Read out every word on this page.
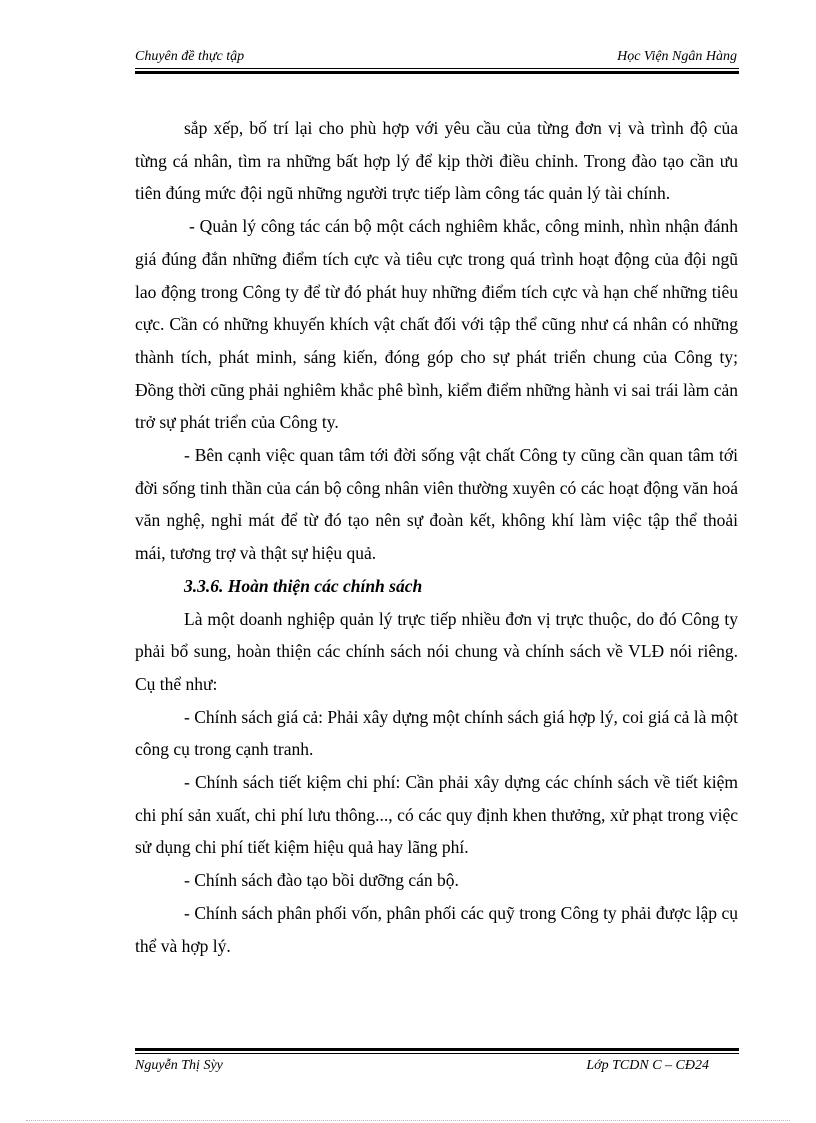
Chuyên đề thực tập	Học Viện Ngân Hàng

sắp xếp, bố trí lại cho phù hợp với yêu cầu của từng đơn vị và trình độ của từng cá nhân, tìm ra những bất hợp lý để kịp thời điều chỉnh. Trong đào tạo cần ưu tiên đúng mức đội ngũ những người trực tiếp làm công tác quản lý tài chính.

- Quản lý công tác cán bộ một cách nghiêm khắc, công minh, nhìn nhận đánh giá đúng đắn những điểm tích cực và tiêu cực trong quá trình hoạt động của đội ngũ lao động trong Công ty để từ đó phát huy những điểm tích cực và hạn chế những tiêu cực. Cần có những khuyến khích vật chất đối với tập thể cũng như cá nhân có những thành tích, phát minh, sáng kiến, đóng góp cho sự phát triển chung của Công ty; Đồng thời cũng phải nghiêm khắc phê bình, kiểm điểm những hành vi sai trái làm cản trở sự phát triển của Công ty.

- Bên cạnh việc quan tâm tới đời sống vật chất Công ty cũng cần quan tâm tới đời sống tinh thần của cán bộ công nhân viên thường xuyên có các hoạt động văn hoá văn nghệ, nghỉ mát để từ đó tạo nên sự đoàn kết, không khí làm việc tập thể thoải mái, tương trợ và thật sự hiệu quả.

3.3.6. Hoàn thiện các chính sách

Là một doanh nghiệp quản lý trực tiếp nhiều đơn vị trực thuộc, do đó Công ty phải bổ sung, hoàn thiện các chính sách nói chung và chính sách về VLĐ nói riêng. Cụ thể như:

- Chính sách giá cả: Phải xây dựng một chính sách giá hợp lý, coi giá cả là một công cụ trong cạnh tranh.

- Chính sách tiết kiệm chi phí: Cần phải xây dựng các chính sách về tiết kiệm chi phí sản xuất, chi phí lưu thông..., có các quy định khen thưởng, xử phạt trong việc sử dụng chi phí tiết kiệm hiệu quả hay lãng phí.

- Chính sách đào tạo bồi dưỡng cán bộ.

- Chính sách phân phối vốn, phân phối các quỹ trong Công ty phải được lập cụ thể và hợp lý.

Nguyễn Thị Sỳy	Lớp TCDN C – CĐ24
